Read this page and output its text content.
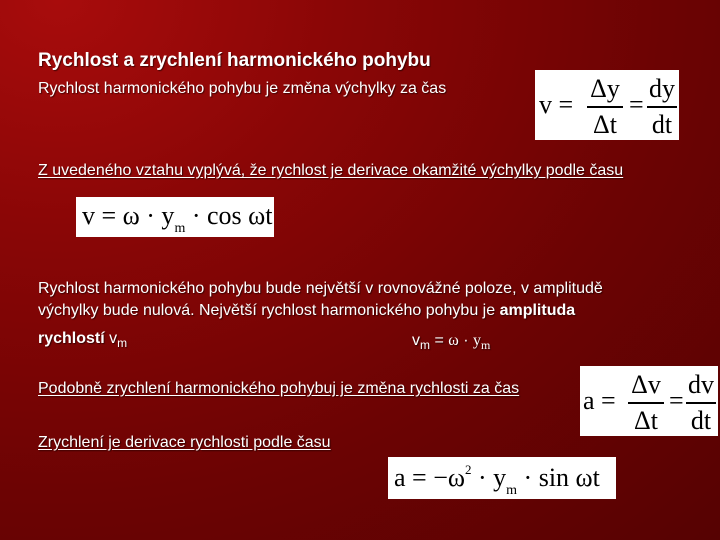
Rychlost a zrychlení harmonického pohybu
Rychlost harmonického pohybu je změna výchylky za čas
v =
Δy
Δt
=
dy
dt
Z uvedeného vztahu vyplývá, že rychlost je derivace okamžité výchylky podle času
$v = \omega \cdot y_m \cdot \cos \omega t$
Rychlost harmonického pohybu bude největší v rovnovážné poloze, v amplitudě
výchylky bude nulová. Největší rychlost harmonického pohybu je amplituda
rychlostí $v_m$	$v_m = \omega \cdot y_m$
Podobně zrychlení harmonického pohybuj je změna rychlosti za čas a =
Δv
Δt
=
dv
dt
Zrychlení je derivace rychlosti podle času
$a = -\omega^2 \cdot y_m \cdot \sin \omega t$
